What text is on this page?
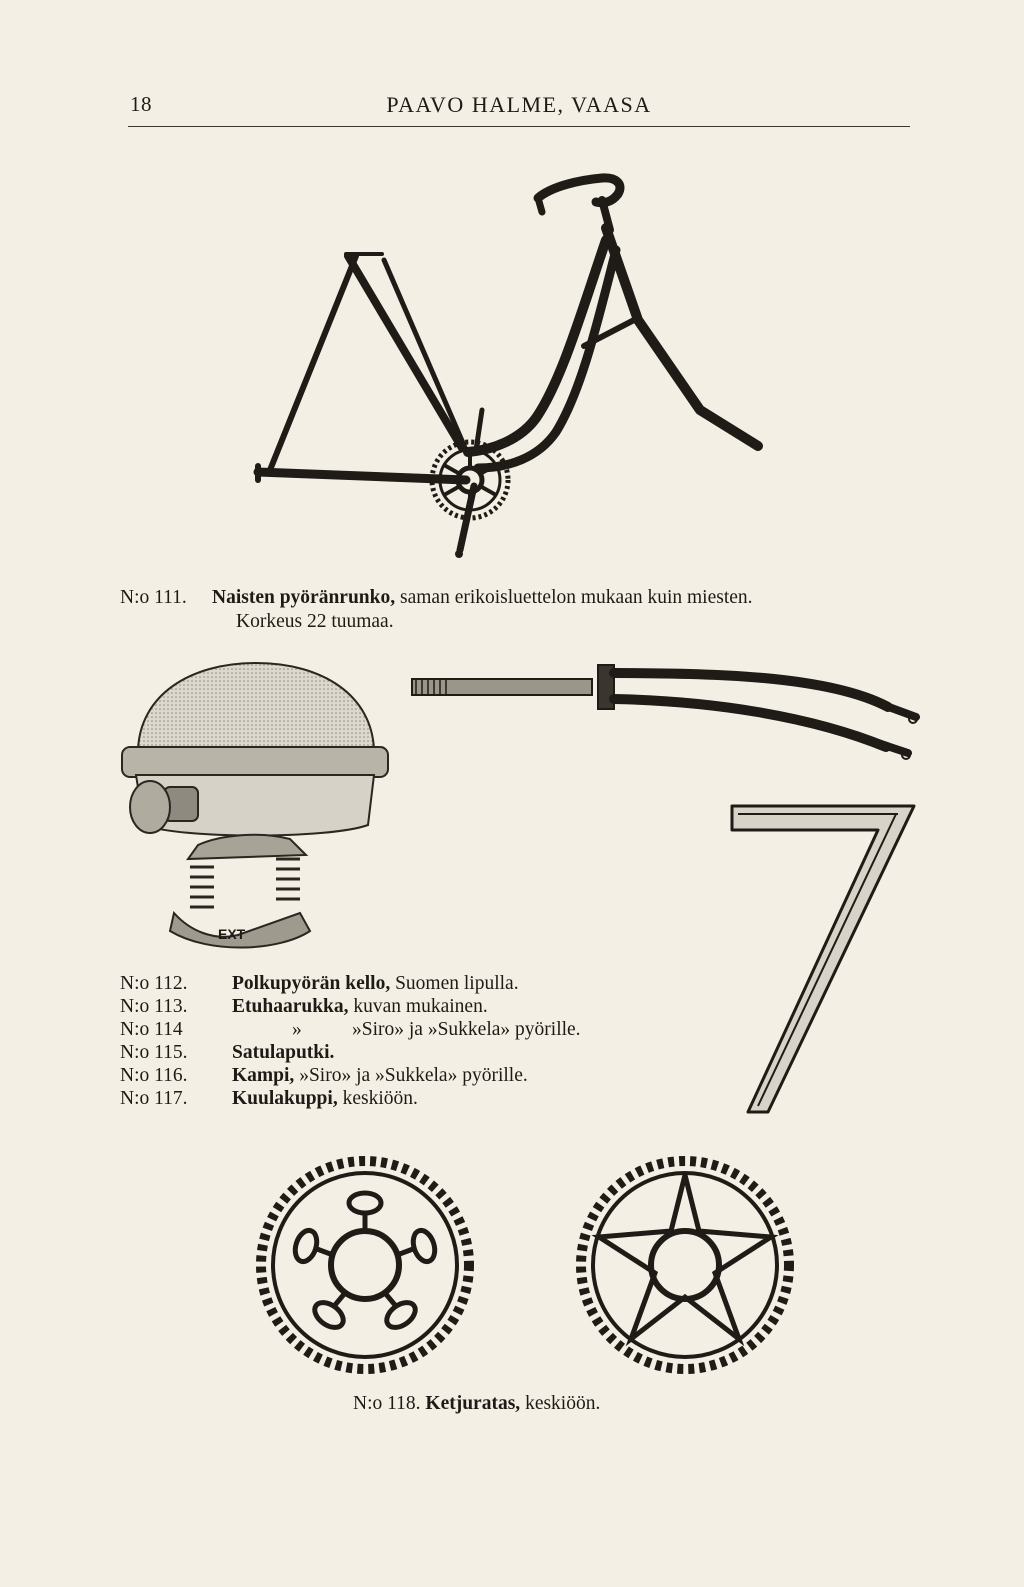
18	PAAVO HALME, VAASA
N:o 111. Naisten pyöränrunko, saman erikoisluettelon mukaan kuin miesten.
Korkeus 22 tuumaa.
EXT
N:o 112.	Polkupyörän kello, Suomen lipulla.
N:o 113.	Etuhaarukka, kuvan mukainen.
N:o 114	»	»Siro» ja »Sukkela» pyörille.
N:o 115.	Satulaputki.
N:o 116.	Kampi, »Siro» ja »Sukkela» pyörille.
N:o 117.	Kuulakuppi, keskiöön.
N:o 118. Ketjuratas, keskiöön.
